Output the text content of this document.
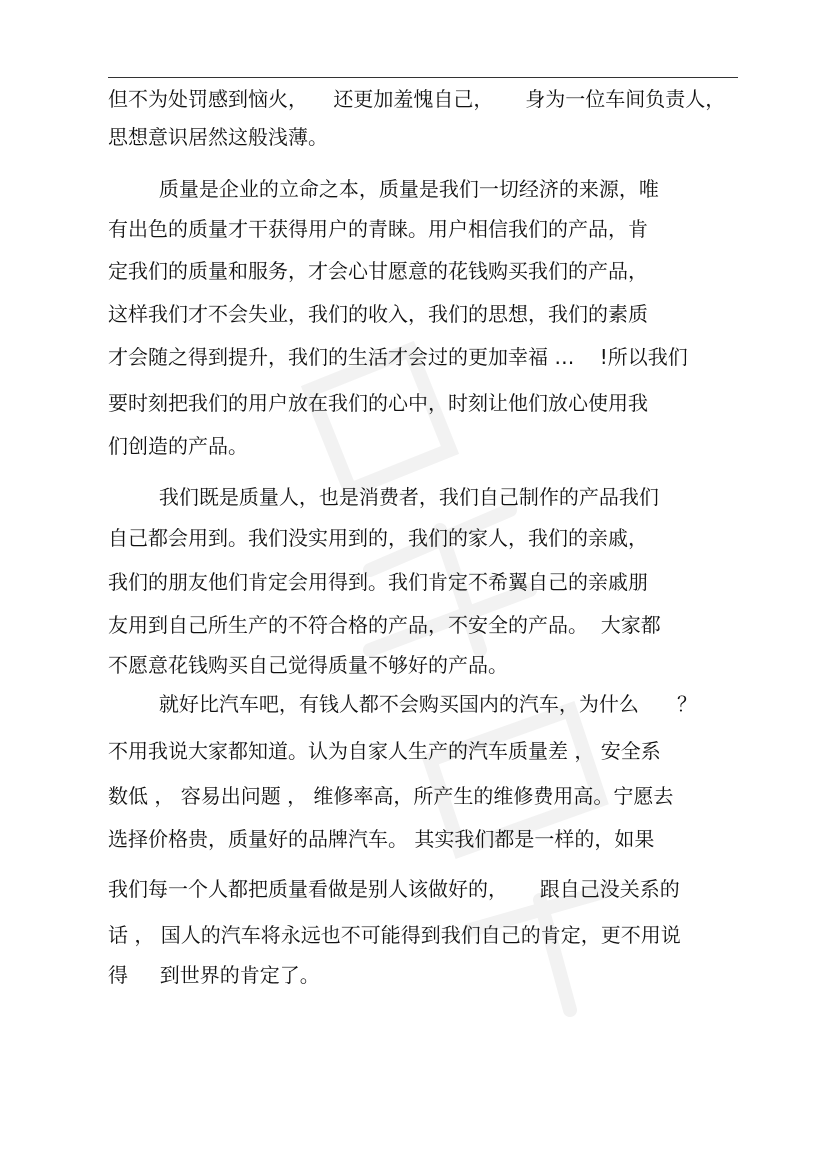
但不为处罚感到恼火，    还更加羞愧自己，     身为一位车间负责人，
思想意识居然这般浅薄。
质量是企业的立命之本，质量是我们一切经济的来源，唯
有出色的质量才干获得用户的青睐。用户相信我们的产品，肯
定我们的质量和服务，才会心甘愿意的花钱购买我们的产品，
这样我们才不会失业，我们的收入，我们的思想，我们的素质
才会随之得到提升，我们的生活才会过的更加幸福 …    !所以我们
要时刻把我们的用户放在我们的心中，时刻让他们放心使用我
们创造的产品。
我们既是质量人，也是消费者，我们自己制作的产品我们
自己都会用到。我们没实用到的，我们的家人，我们的亲戚，
我们的朋友他们肯定会用得到。我们肯定不希翼自己的亲戚朋
友用到自己所生产的不符合格的产品，不安全的产品。  大家都
不愿意花钱购买自己觉得质量不够好的产品。
就好比汽车吧，有钱人都不会购买国内的汽车，为什么      ？
不用我说大家都知道。认为自家人生产的汽车质量差 ， 安全系
数低 ， 容易出问题 ， 维修率高，所产生的维修费用高。宁愿去
选择价格贵，质量好的品牌汽车。 其实我们都是一样的，如果
我们每一个人都把质量看做是别人该做好的，     跟自己没关系的
话 ， 国人的汽车将永远也不可能得到我们自己的肯定，更不用说
得     到世界的肯定了。
